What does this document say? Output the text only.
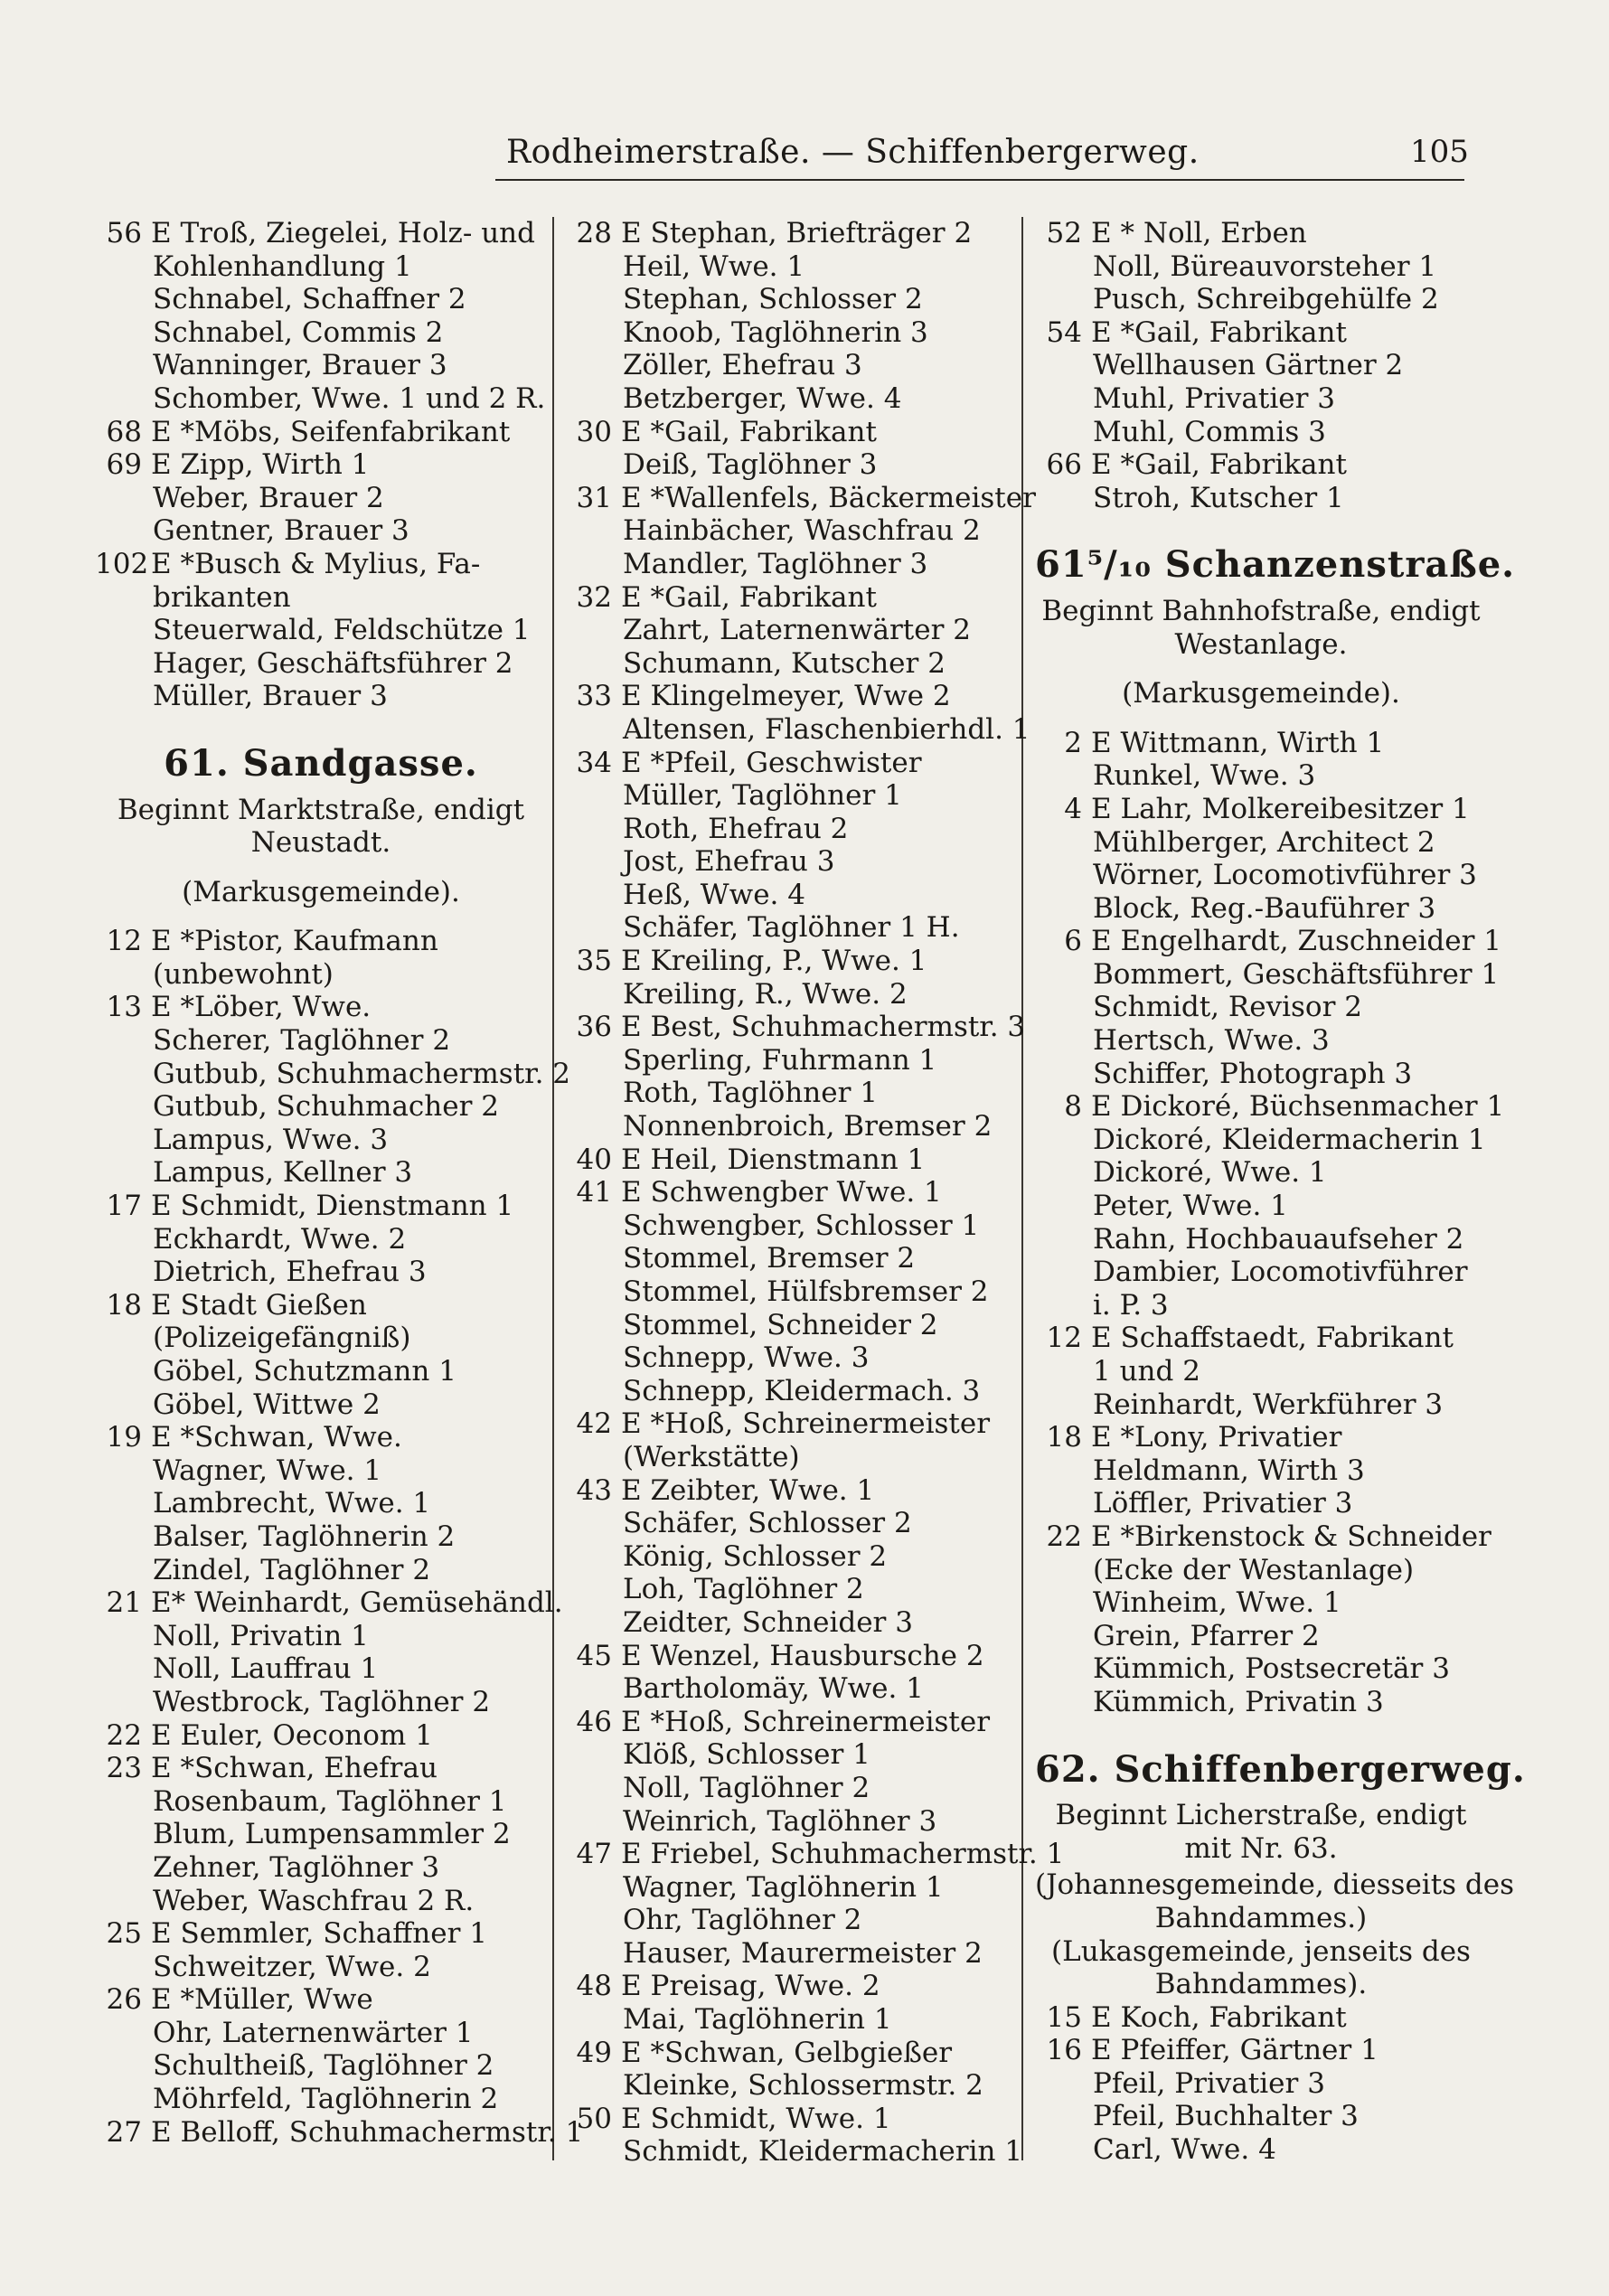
Rodheimerstraße. — Schiffenbergerweg.	105
56 E Troß, Ziegelei, Holz- und
Kohlenhandlung 1
Schnabel, Schaffner 2
Schnabel, Commis 2
Wanninger, Brauer 3
Schomber, Wwe. 1 und 2 R.
68 E *Möbs, Seifenfabrikant
69 E Zipp, Wirth 1
Weber, Brauer 2
Gentner, Brauer 3
102E *Busch & Mylius, Fa-
brikanten
Steuerwald, Feldschütze 1
Hager, Geschäftsführer 2
Müller, Brauer 3
61. Sandgasse.
Beginnt Marktstraße, endigt
Neustadt.
(Markusgemeinde).
12 E *Pistor, Kaufmann
(unbewohnt)
13 E *Löber, Wwe.
Scherer, Taglöhner 2
Gutbub, Schuhmachermstr. 2
Gutbub, Schuhmacher 2
Lampus, Wwe. 3
Lampus, Kellner 3
17 E Schmidt, Dienstmann 1
Eckhardt, Wwe. 2
Dietrich, Ehefrau 3
18 E Stadt Gießen
(Polizeigefängniß)
Göbel, Schutzmann 1
Göbel, Wittwe 2
19 E *Schwan, Wwe.
Wagner, Wwe. 1
Lambrecht, Wwe. 1
Balser, Taglöhnerin 2
Zindel, Taglöhner 2
21 E* Weinhardt, Gemüsehändl.
Noll, Privatin 1
Noll, Lauffrau 1
Westbrock, Taglöhner 2
22 E Euler, Oeconom 1
23 E *Schwan, Ehefrau
Rosenbaum, Taglöhner 1
Blum, Lumpensammler 2
Zehner, Taglöhner 3
Weber, Waschfrau 2 R.
25 E Semmler, Schaffner 1
Schweitzer, Wwe. 2
26 E *Müller, Wwe
Ohr, Laternenwärter 1
Schultheiß, Taglöhner 2
Möhrfeld, Taglöhnerin 2
27 E Belloff, Schuhmachermstr. 1
28 E Stephan, Briefträger 2
Heil, Wwe. 1
Stephan, Schlosser 2
Knoob, Taglöhnerin 3
Zöller, Ehefrau 3
Betzberger, Wwe. 4
30 E *Gail, Fabrikant
Deiß, Taglöhner 3
31 E *Wallenfels, Bäckermeister
Hainbächer, Waschfrau 2
Mandler, Taglöhner 3
32 E *Gail, Fabrikant
Zahrt, Laternenwärter 2
Schumann, Kutscher 2
33 E Klingelmeyer, Wwe 2
Altensen, Flaschenbierhdl. 1
34 E *Pfeil, Geschwister
Müller, Taglöhner 1
Roth, Ehefrau 2
Jost, Ehefrau 3
Heß, Wwe. 4
Schäfer, Taglöhner 1 H.
35 E Kreiling, P., Wwe. 1
Kreiling, R., Wwe. 2
36 E Best, Schuhmachermstr. 3
Sperling, Fuhrmann 1
Roth, Taglöhner 1
Nonnenbroich, Bremser 2
40 E Heil, Dienstmann 1
41 E Schwengber Wwe. 1
Schwengber, Schlosser 1
Stommel, Bremser 2
Stommel, Hülfsbremser 2
Stommel, Schneider 2
Schnepp, Wwe. 3
Schnepp, Kleidermach. 3
42 E *Hoß, Schreinermeister
(Werkstätte)
43 E Zeibter, Wwe. 1
Schäfer, Schlosser 2
König, Schlosser 2
Loh, Taglöhner 2
Zeidter, Schneider 3
45 E Wenzel, Hausbursche 2
Bartholomäy, Wwe. 1
46 E *Hoß, Schreinermeister
Klöß, Schlosser 1
Noll, Taglöhner 2
Weinrich, Taglöhner 3
47 E Friebel, Schuhmachermstr. 1
Wagner, Taglöhnerin 1
Ohr, Taglöhner 2
Hauser, Maurermeister 2
48 E Preisag, Wwe. 2
Mai, Taglöhnerin 1
49 E *Schwan, Gelbgießer
Kleinke, Schlossermstr. 2
50 E Schmidt, Wwe. 1
Schmidt, Kleidermacherin 1
52 E * Noll, Erben
Noll, Büreauvorsteher 1
Pusch, Schreibgehülfe 2
54 E *Gail, Fabrikant
Wellhausen Gärtner 2
Muhl, Privatier 3
Muhl, Commis 3
66 E *Gail, Fabrikant
Stroh, Kutscher 1
61⁵/₁₀ Schanzenstraße.
Beginnt Bahnhofstraße, endigt
Westanlage.
(Markusgemeinde).
2 E Wittmann, Wirth 1
Runkel, Wwe. 3
4 E Lahr, Molkereibesitzer 1
Mühlberger, Architect 2
Wörner, Locomotivführer 3
Block, Reg.-Bauführer 3
6 E Engelhardt, Zuschneider 1
Bommert, Geschäftsführer 1
Schmidt, Revisor 2
Hertsch, Wwe. 3
Schiffer, Photograph 3
8 E Dickoré, Büchsenmacher 1
Dickoré, Kleidermacherin 1
Dickoré, Wwe. 1
Peter, Wwe. 1
Rahn, Hochbauaufseher 2
Dambier, Locomotivführer
i. P. 3
12 E Schaffstaedt, Fabrikant
1 und 2
Reinhardt, Werkführer 3
18 E *Lony, Privatier
Heldmann, Wirth 3
Löffler, Privatier 3
22 E *Birkenstock & Schneider
(Ecke der Westanlage)
Winheim, Wwe. 1
Grein, Pfarrer 2
Kümmich, Postsecretär 3
Kümmich, Privatin 3
62. Schiffenbergerweg.
Beginnt Licherstraße, endigt
mit Nr. 63.
(Johannesgemeinde, diesseits des
Bahndammes.)
(Lukasgemeinde, jenseits des
Bahndammes).
15 E Koch, Fabrikant
16 E Pfeiffer, Gärtner 1
Pfeil, Privatier 3
Pfeil, Buchhalter 3
Carl, Wwe. 4
